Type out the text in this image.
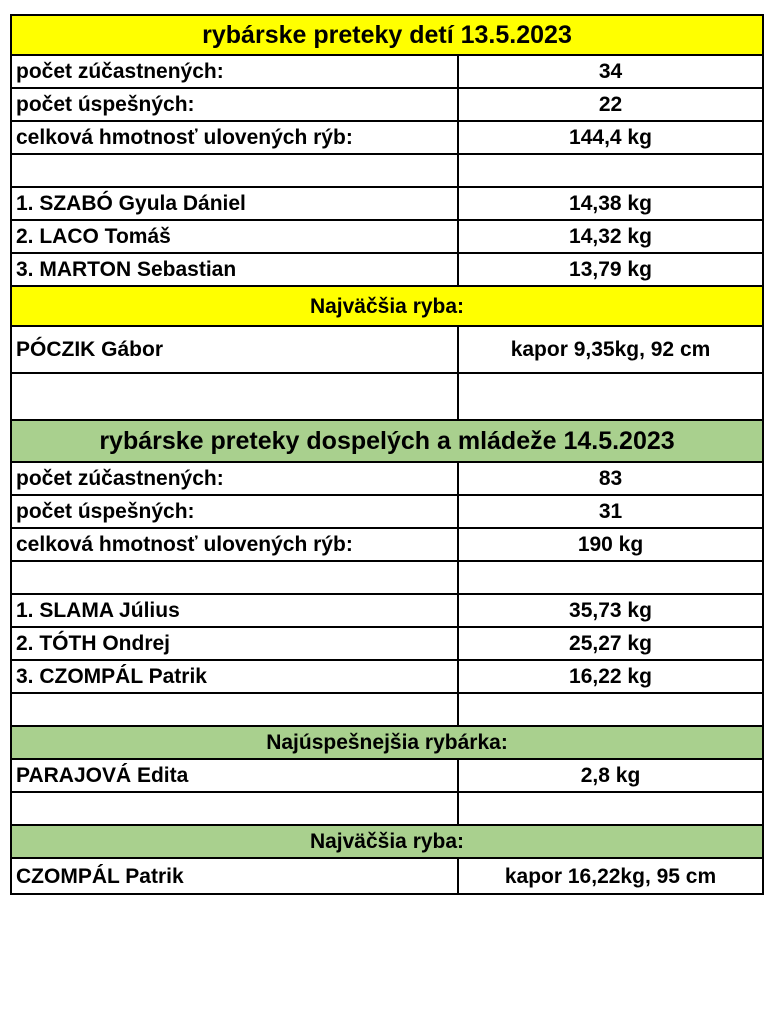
rybárske preteky detí 13.5.2023	
počet zúčastnených:	34
počet úspešných:	22
celková hmotnosť ulovených rýb:	144,4 kg

1. SZABÓ Gyula Dániel	14,38 kg
2. LACO Tomáš	14,32 kg
3. MARTON Sebastian	13,79 kg
Najväčšia ryba:	
PÓCZIK Gábor	kapor 9,35kg, 92 cm

rybárske preteky dospelých a mládeže 14.5.2023	
počet zúčastnených:	83
počet úspešných:	31
celková hmotnosť ulovených rýb:	190 kg

1. SLAMA Július	35,73 kg
2. TÓTH Ondrej	25,27 kg
3. CZOMPÁL Patrik	16,22 kg

Najúspešnejšia rybárka:	
PARAJOVÁ Edita	2,8 kg

Najväčšia ryba:	
CZOMPÁL Patrik	kapor 16,22kg, 95 cm
